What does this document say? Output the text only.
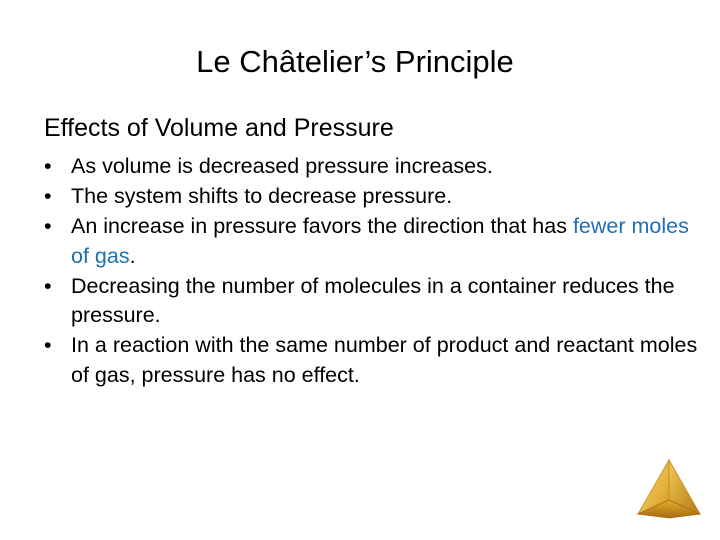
Le Châtelier’s Principle
Effects of Volume and Pressure
• As volume is decreased pressure increases.
• The system shifts to decrease pressure.
• An increase in pressure favors the direction that has fewer moles of gas.
• Decreasing the number of molecules in a container reduces the pressure.
• In a reaction with the same number of product and reactant moles of gas, pressure has no effect.
